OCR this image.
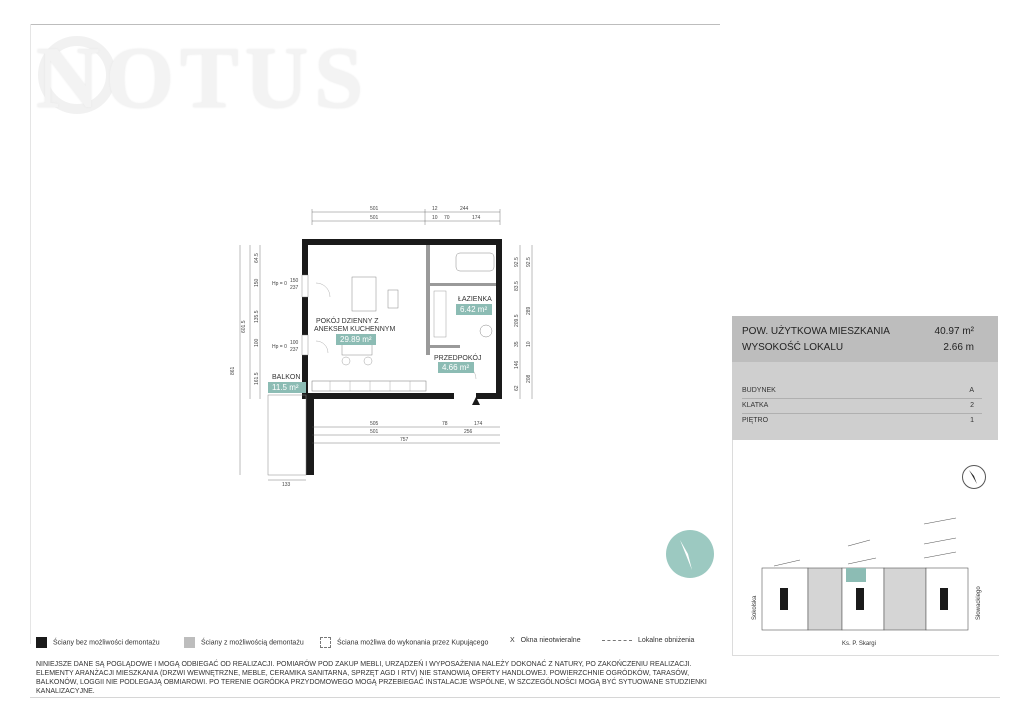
NOTUS
501	12	244
501	10 70	174
861
601.5
64.5
150
135.5
100
161.5
Hp = 0 150
237
Hp = 0
100
237
92.5 92.5
83.5
209.5
289
35 10
146
62
208
505	78	174
501	256
757
133
POKÓJ DZIENNY Z
ANEKSEM KUCHENNYM
29.89 m²
ŁAZIENKA
6.42 m²
PRZEDPOKÓJ
4.66 m²
BALKON
11.5 m²
POW. UŻYTKOWA MIESZKANIA	40.97 m²
WYSOKOŚĆ LOKALU	2.66 m
BUDYNEK	A
KLATKA	2
PIĘTRO	1
Sokolska	Słowackiego
Ks. P. Skargi
Ściany bez możliwości demontażu	Ściany z możliwością demontażu	Ściana możliwa do wykonania przez Kupującego	X Okna nieotwieralne	Lokalne obniżenia
NINIEJSZE DANE SĄ POGLĄDOWE I MOGĄ ODBIEGAĆ OD REALIZACJI. POMIARÓW POD ZAKUP MEBLI, URZĄDZEŃ I WYPOSAŻENIA NALEŻY DOKONAĆ Z NATURY, PO ZAKOŃCZENIU REALIZACJI. ELEMENTY ARANŻACJI MIESZKANIA (DRZWI WEWNĘTRZNE, MEBLE, CERAMIKA SANITARNA, SPRZĘT AGD I RTV) NIE STANOWIĄ OFERTY HANDLOWEJ. POWIERZCHNIE OGRÓDKÓW, TARASÓW, BALKONÓW, LOGGII NIE PODLEGAJĄ OBMIAROWI. PO TERENIE OGRÓDKA PRZYDOMOWEGO MOGĄ PRZEBIEGAĆ INSTALACJE WSPÓLNE, W SZCZEGÓLNOŚCI MOGĄ BYĆ SYTUOWANE STUDZIENKI KANALIZACYJNE.
